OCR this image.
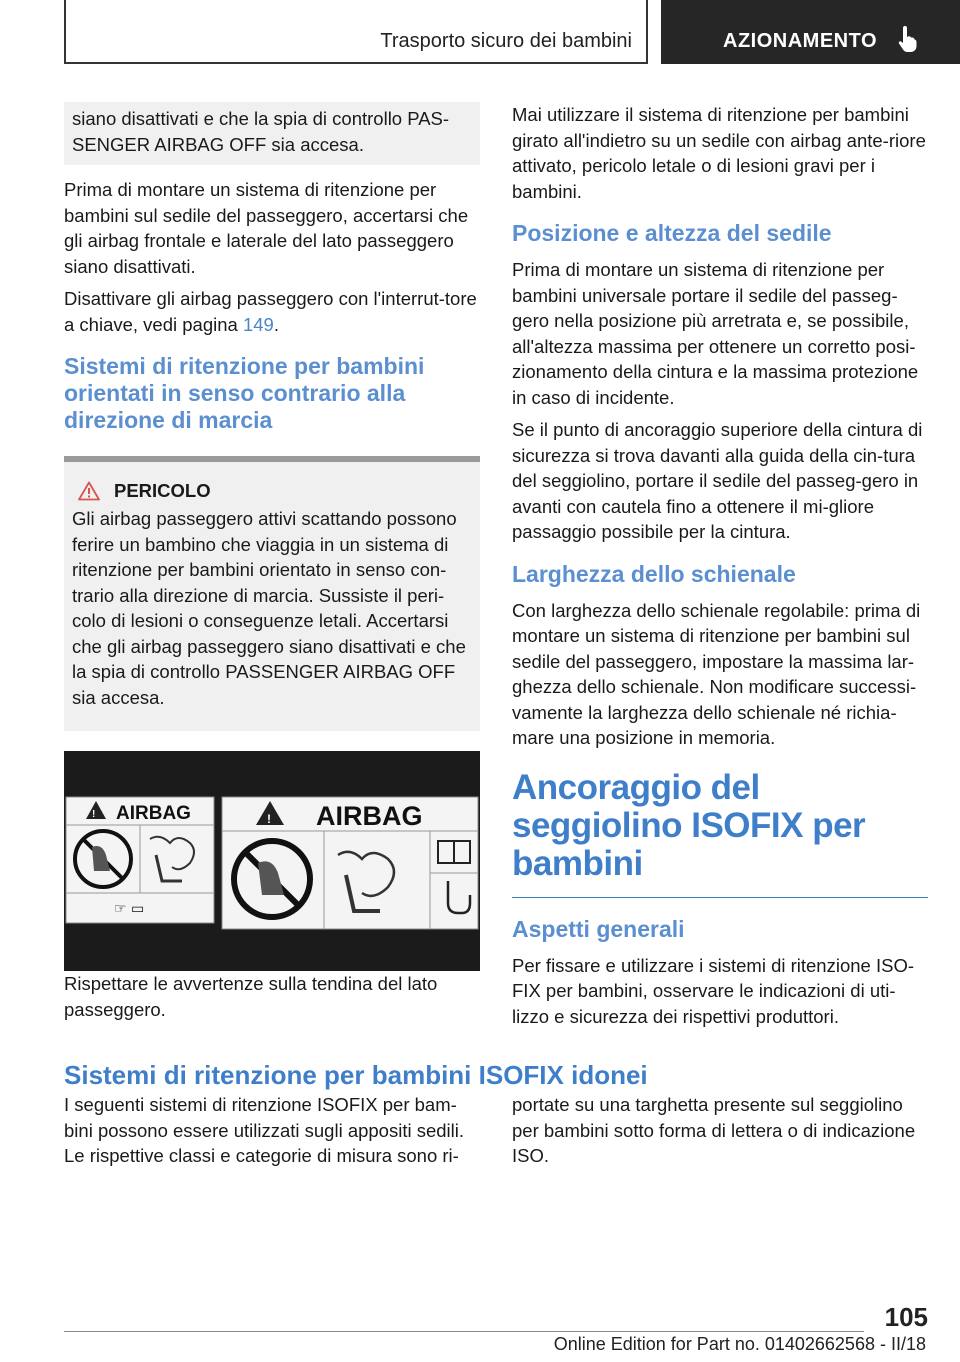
Trasporto sicuro dei bambini	AZIONAMENTO

siano disattivati e che la spia di controllo PAS-SENGER AIRBAG OFF sia accesa.

Prima di montare un sistema di ritenzione per bambini sul sedile del passeggero, accertarsi che gli airbag frontale e laterale del lato passeggero siano disattivati.

Disattivare gli airbag passeggero con l'interrut-tore a chiave, vedi pagina 149.

Sistemi di ritenzione per bambini orientati in senso contrario alla direzione di marcia
PERICOLO

Gli airbag passeggero attivi scattando possono ferire un bambino che viaggia in un sistema di ritenzione per bambini orientato in senso con-trario alla direzione di marcia. Sussiste il peri-colo di lesioni o conseguenze letali. Accertarsi che gli airbag passeggero siano disattivati e che la spia di controllo PASSENGER AIRBAG OFF sia accesa.

! AIRBAG
☞ ▭
! AIRBAG

Rispettare le avvertenze sulla tendina del lato passeggero.

Mai utilizzare il sistema di ritenzione per bambini girato all'indietro su un sedile con airbag ante-riore attivato, pericolo letale o di lesioni gravi per i bambini.

Posizione e altezza del sedile

Prima di montare un sistema di ritenzione per bambini universale portare il sedile del passeg-gero nella posizione più arretrata e, se possibile, all'altezza massima per ottenere un corretto posi-zionamento della cintura e la massima protezione in caso di incidente.

Se il punto di ancoraggio superiore della cintura di sicurezza si trova davanti alla guida della cin-tura del seggiolino, portare il sedile del passeg-gero in avanti con cautela fino a ottenere il mi-gliore passaggio possibile per la cintura.

Larghezza dello schienale

Con larghezza dello schienale regolabile: prima di montare un sistema di ritenzione per bambini sul sedile del passeggero, impostare la massima lar-ghezza dello schienale. Non modificare successi-vamente la larghezza dello schienale né richia-mare una posizione in memoria.

Ancoraggio del seggiolino ISOFIX per bambini
Aspetti generali

Per fissare e utilizzare i sistemi di ritenzione ISO-FIX per bambini, osservare le indicazioni di uti-lizzo e sicurezza dei rispettivi produttori.

Sistemi di ritenzione per bambini ISOFIX idonei

I seguenti sistemi di ritenzione ISOFIX per bam-bini possono essere utilizzati sugli appositi sedili. Le rispettive classi e categorie di misura sono ri-

portate su una targhetta presente sul seggiolino per bambini sotto forma di lettera o di indicazione ISO.

105
Online Edition for Part no. 01402662568 - II/18
